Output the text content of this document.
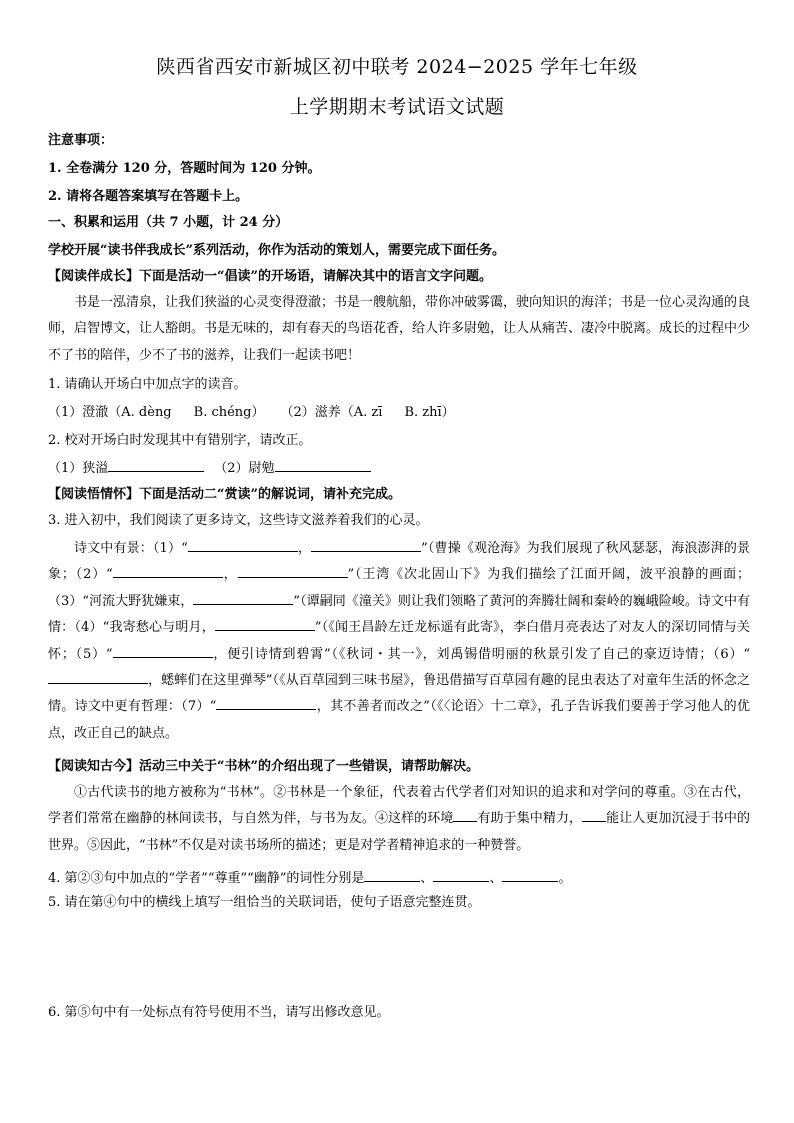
陕西省西安市新城区初中联考 2024−2025 学年七年级
上学期期末考试语文试题
注意事项：
1. 全卷满分 120 分，答题时间为 120 分钟。
2. 请将各题答案填写在答题卡上。
一、积累和运用（共 7 小题，计 24 分）
学校开展“读书伴我成长”系列活动，你作为活动的策划人，需要完成下面任务。
【阅读伴成长】下面是活动一“倡读”的开场语，请解决其中的语言文字问题。
书是一泓清泉，让我们狭溢的心灵变得澄澈；书是一艘航船，带你冲破雾霭，驶向知识的海洋；书是一位心灵沟通的良师，启智博文，让人豁朗。书是无味的，却有春天的鸟语花香，给人许多尉勉，让人从痛苦、凄冷中脱离。成长的过程中少不了书的陪伴，少不了书的滋养，让我们一起读书吧！
1. 请确认开场白中加点字的读音。
（1）澄澈（A. dèng B. chéng） （2）滋养（A. zī B. zhī）
2. 校对开场白时发现其中有错别字，请改正。
（1）狭溢	（2）尉勉
【阅读悟情怀】下面是活动二“赏读”的解说词，请补充完成。
3. 进入初中，我们阅读了更多诗文，这些诗文滋养着我们的心灵。
诗文中有景：（1）“	，	”（曹操《观沧海》为我们展现了秋风瑟瑟，海浪澎湃的景象；（2）“	，	”（王湾《次北固山下》为我们描绘了江面开阔，波平浪静的画面；（3）“河流大野犹嫌束，	”（谭嗣同《潼关》则让我们领略了黄河的奔腾壮阔和秦岭的巍峨险峻。诗文中有情：（4）“我寄愁心与明月，	”（《闻王昌龄左迁龙标遥有此寄》，李白借月亮表达了对友人的深切同情与关怀；（5）“	，便引诗情到碧霄”（《秋词・其一》，刘禹锡借明丽的秋景引发了自己的豪迈诗情；（6）“，蟋蟀们在这里弹琴”（《从百草园到三味书屋》，鲁迅借描写百草园有趣的昆虫表达了对童年生活的怀念之情。诗文中更有哲理：（7）“	，其不善者而改之”（《〈论语〉十二章》，孔子告诉我们要善于学习他人的优点，改正自己的缺点。
【阅读知古今】活动三中关于“书林”的介绍出现了一些错误，请帮助解决。
①古代读书的地方被称为“书林”。②书林是一个象征，代表着古代学者们对知识的追求和对学问的尊重。③在古代，学者们常常在幽静的林间读书，与自然为伴，与书为友。④这样的环境 有助于集中精力， 能让人更加沉浸于书中的世界。⑤因此，“书林”不仅是对读书场所的描述；更是对学者精神追求的一种赞誉。
4. 第②③句中加点的“学者”“尊重”“幽静”的词性分别是	、	、	。
5. 请在第④句中的横线上填写一组恰当的关联词语，使句子语意完整连贯。
6. 第⑤句中有一处标点有符号使用不当，请写出修改意见。
